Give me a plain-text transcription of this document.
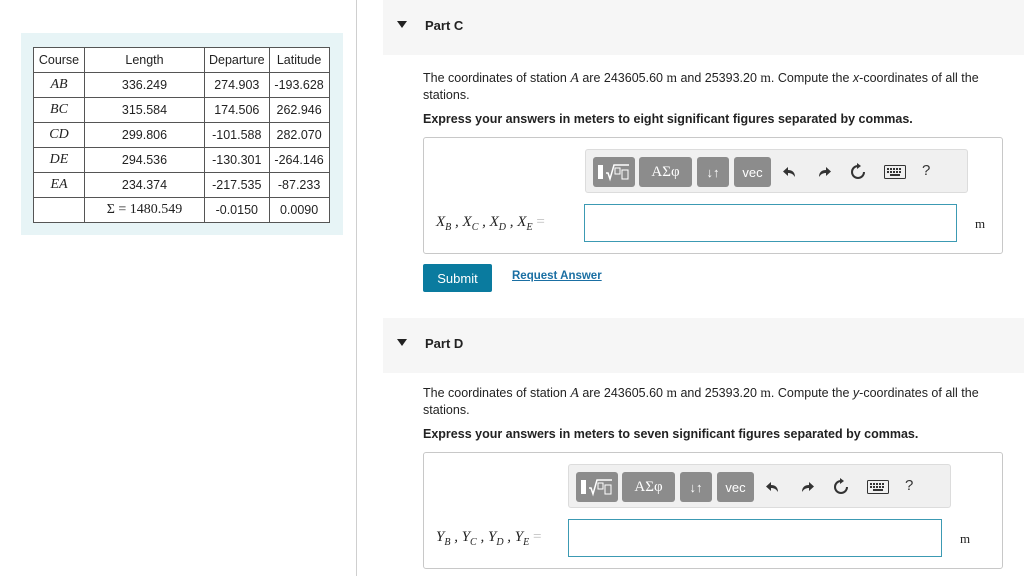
Course	Length	Departure	Latitude
AB	336.249	274.903	-193.628
BC	315.584	174.506	262.946
CD	299.806	-101.588	282.070
DE	294.536	-130.301	-264.146
EA	234.374	-217.535	-87.233
	Σ = 1480.549	-0.0150	0.0090
Part C
The coordinates of station A are 243605.60 m and 25393.20 m. Compute the x-coordinates of all the stations.
Express your answers in meters to eight significant figures separated by commas.
ΑΣφ	↓↑	vec	?
$X_B$ , $X_C$ , $X_D$ , $X_E$ =	m
Submit	Request Answer
Part D
The coordinates of station A are 243605.60 m and 25393.20 m. Compute the y-coordinates of all the stations.
Express your answers in meters to seven significant figures separated by commas.
ΑΣφ	↓↑	vec	?
$Y_B$ , $Y_C$ , $Y_D$ , $Y_E$ =	m
